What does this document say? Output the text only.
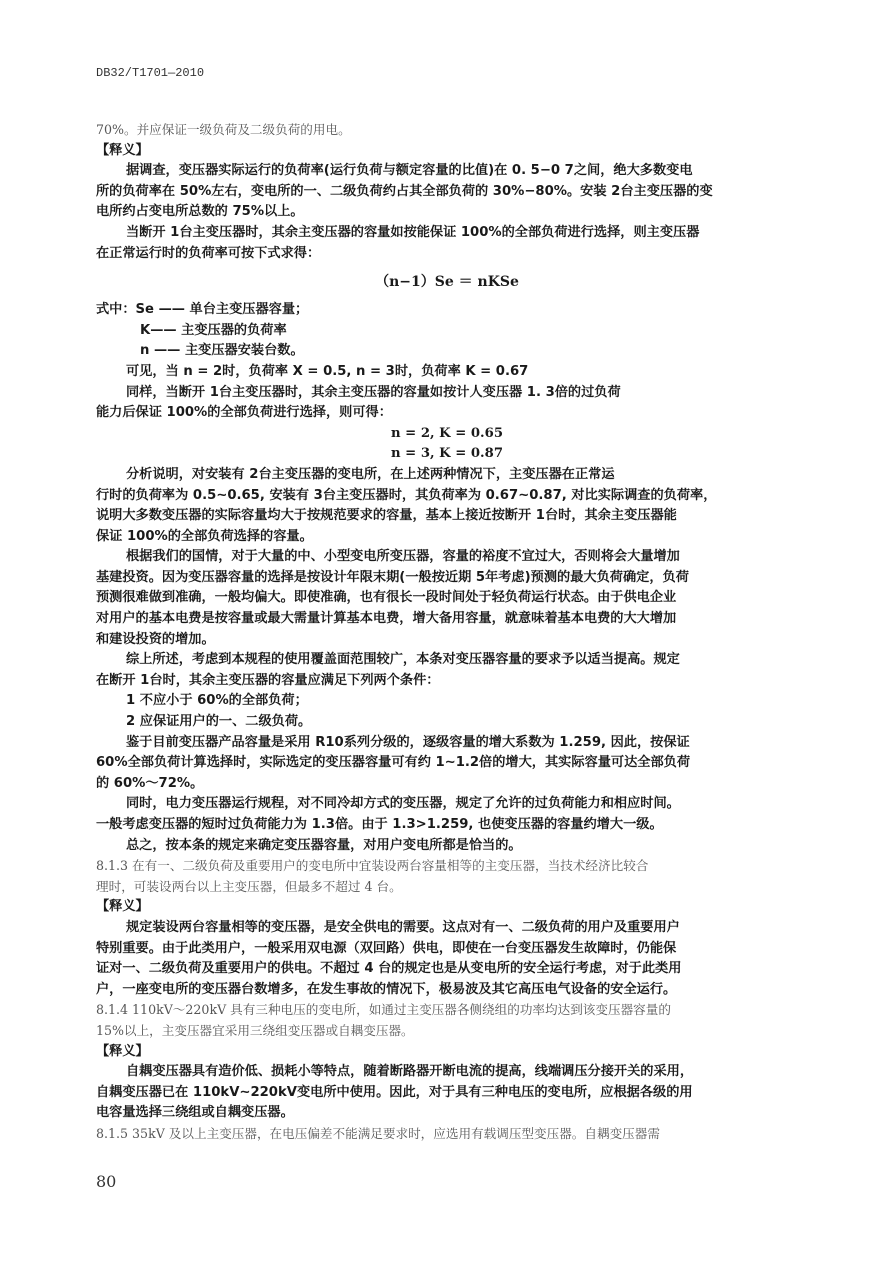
DB32/T1701—2010
70%。并应保证一级负荷及二级负荷的用电。
【释义】
据调查，变压器实际运行的负荷率(运行负荷与额定容量的比值)在 0. 5−0 7之间，绝大多数变电
所的负荷率在 50%左右，变电所的一、二级负荷约占其全部负荷的 30%−80%。安装 2台主变压器的变
电所约占变电所总数的 75%以上。
当断开 1台主变压器时，其余主变压器的容量如按能保证 100%的全部负荷进行选择，则主变压器
在正常运行时的负荷率可按下式求得：
（n−1）Se ＝ nKSe
式中：Se —— 单台主变压器容量；
K—— 主变压器的负荷率
n —— 主变压器安装台数。
可见，当 n = 2时，负荷率 X = 0.5, n = 3时，负荷率 K = 0.67
同样，当断开 1台主变压器时，其余主变压器的容量如按计人变压器 1. 3倍的过负荷
能力后保证 100%的全部负荷进行选择，则可得：
n = 2, K = 0.65
n = 3, K = 0.87
分析说明，对安装有 2台主变压器的变电所，在上述两种情况下，主变压器在正常运
行时的负荷率为 0.5∼0.65, 安装有 3台主变压器时，其负荷率为 0.67∼0.87, 对比实际调查的负荷率，
说明大多数变压器的实际容量均大于按规范要求的容量，基本上接近按断开 1台时，其余主变压器能
保证 100%的全部负荷选择的容量。
根据我们的国情，对于大量的中、小型变电所变压器，容量的裕度不宜过大，否则将会大量增加
基建投资。因为变压器容量的选择是按设计年限末期(一般按近期 5年考虑)预测的最大负荷确定，负荷
预测很难做到准确，一般均偏大。即使准确，也有很长一段时间处于轻负荷运行状态。由于供电企业
对用户的基本电费是按容量或最大需量计算基本电费，增大备用容量，就意味着基本电费的大大增加
和建设投资的增加。
综上所述，考虑到本规程的使用覆盖面范围较广，本条对变压器容量的要求予以适当提高。规定
在断开 1台时，其余主变压器的容量应满足下列两个条件：
1 不应小于 60%的全部负荷；
2 应保证用户的一、二级负荷。
鉴于目前变压器产品容量是采用 R10系列分级的，逐级容量的增大系数为 1.259, 因此，按保证
60%全部负荷计算选择时，实际选定的变压器容量可有约 1∼1.2倍的增大，其实际容量可达全部负荷
的 60%～72%。
同时，电力变压器运行规程，对不同冷却方式的变压器，规定了允许的过负荷能力和相应时间。
一般考虑变压器的短时过负荷能力为 1.3倍。由于 1.3>1.259, 也使变压器的容量约增大一级。
总之，按本条的规定来确定变压器容量，对用户变电所都是恰当的。
8.1.3 在有一、二级负荷及重要用户的变电所中宜装设两台容量相等的主变压器，当技术经济比较合
理时，可装设两台以上主变压器，但最多不超过 4 台。
【释义】
规定装设两台容量相等的变压器，是安全供电的需要。这点对有一、二级负荷的用户及重要用户
特别重要。由于此类用户，一般采用双电源（双回路）供电，即使在一台变压器发生故障时，仍能保
证对一、二级负荷及重要用户的供电。不超过 4 台的规定也是从变电所的安全运行考虑，对于此类用
户，一座变电所的变压器台数增多，在发生事故的情况下，极易波及其它高压电气设备的安全运行。
8.1.4 110kV～220kV 具有三种电压的变电所，如通过主变压器各侧绕组的功率均达到该变压器容量的
15%以上，主变压器宜采用三绕组变压器或自耦变压器。
【释义】
自耦变压器具有造价低、损耗小等特点，随着断路器开断电流的提高，线端调压分接开关的采用，
自耦变压器已在 110kV∼220kV变电所中使用。因此，对于具有三种电压的变电所，应根据各级的用
电容量选择三绕组或自耦变压器。
8.1.5 35kV 及以上主变压器，在电压偏差不能满足要求时，应选用有载调压型变压器。自耦变压器需
80
